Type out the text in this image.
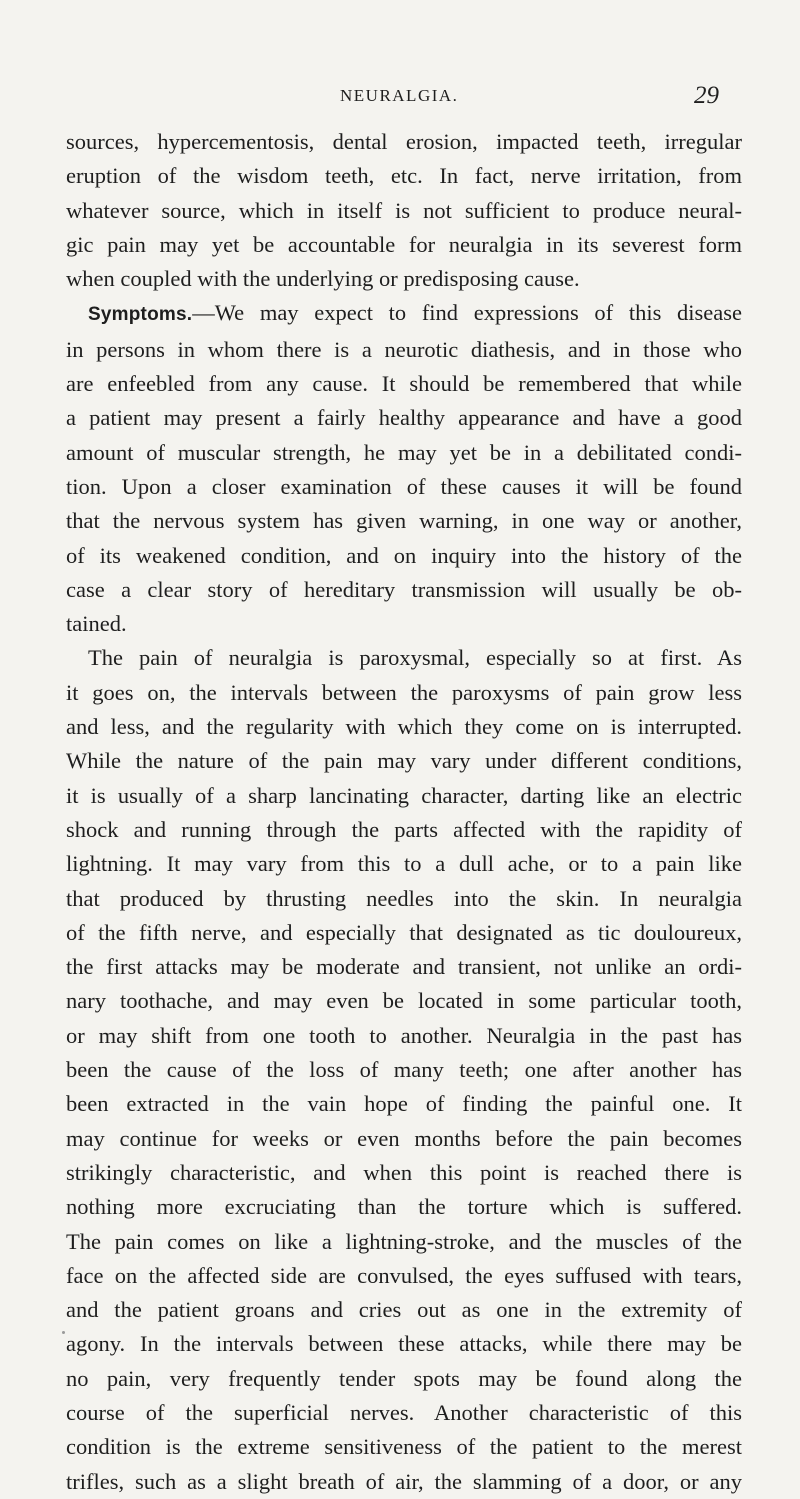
NEURALGIA.	29

sources, hypercementosis, dental erosion, impacted teeth, irregular
eruption of the wisdom teeth, etc. In fact, nerve irritation, from
whatever source, which in itself is not sufficient to produce neural-
gic pain may yet be accountable for neuralgia in its severest form
when coupled with the underlying or predisposing cause.

Symptoms.—We may expect to find expressions of this disease
in persons in whom there is a neurotic diathesis, and in those who
are enfeebled from any cause. It should be remembered that while
a patient may present a fairly healthy appearance and have a good
amount of muscular strength, he may yet be in a debilitated condi-
tion. Upon a closer examination of these causes it will be found
that the nervous system has given warning, in one way or another,
of its weakened condition, and on inquiry into the history of the
case a clear story of hereditary transmission will usually be ob-
tained.

The pain of neuralgia is paroxysmal, especially so at first. As
it goes on, the intervals between the paroxysms of pain grow less
and less, and the regularity with which they come on is interrupted.
While the nature of the pain may vary under different conditions,
it is usually of a sharp lancinating character, darting like an electric
shock and running through the parts affected with the rapidity of
lightning. It may vary from this to a dull ache, or to a pain like
that produced by thrusting needles into the skin. In neuralgia
of the fifth nerve, and especially that designated as tic douloureux,
the first attacks may be moderate and transient, not unlike an ordi-
nary toothache, and may even be located in some particular tooth,
or may shift from one tooth to another. Neuralgia in the past has
been the cause of the loss of many teeth; one after another has
been extracted in the vain hope of finding the painful one. It
may continue for weeks or even months before the pain becomes
strikingly characteristic, and when this point is reached there is
nothing more excruciating than the torture which is suffered.
The pain comes on like a lightning-stroke, and the muscles of the
face on the affected side are convulsed, the eyes suffused with tears,
and the patient groans and cries out as one in the extremity of
agony. In the intervals between these attacks, while there may be
no pain, very frequently tender spots may be found along the
course of the superficial nerves. Another characteristic of this
condition is the extreme sensitiveness of the patient to the merest
trifles, such as a slight breath of air, the slamming of a door, or any
